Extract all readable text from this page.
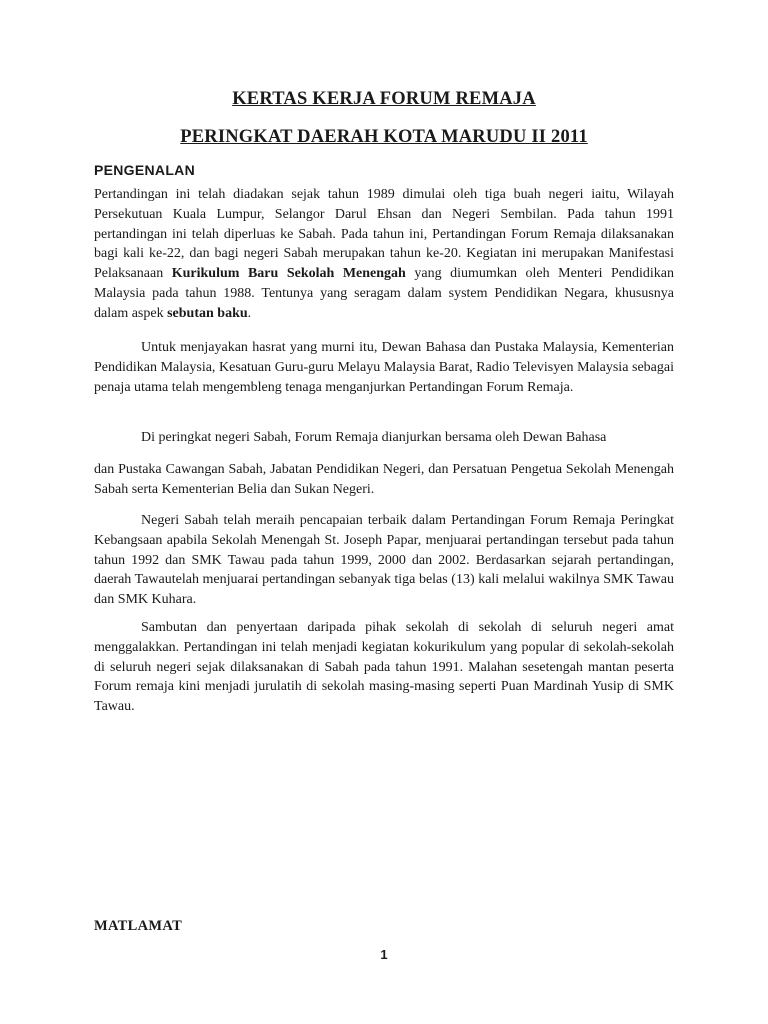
KERTAS KERJA FORUM REMAJA
PERINGKAT DAERAH KOTA MARUDU II 2011
PENGENALAN

Pertandingan ini telah diadakan sejak tahun 1989 dimulai oleh tiga buah negeri iaitu, Wilayah Persekutuan Kuala Lumpur, Selangor Darul Ehsan dan Negeri Sembilan. Pada tahun 1991 pertandingan ini telah diperluas ke Sabah. Pada tahun ini, Pertandingan Forum Remaja dilaksanakan bagi kali ke-22, dan bagi negeri Sabah merupakan tahun ke-20. Kegiatan ini merupakan Manifestasi Pelaksanaan Kurikulum Baru Sekolah Menengah yang diumumkan oleh Menteri Pendidikan Malaysia pada tahun 1988. Tentunya yang seragam dalam system Pendidikan Negara, khususnya dalam aspek sebutan baku.

Untuk menjayakan hasrat yang murni itu, Dewan Bahasa dan Pustaka Malaysia, Kementerian Pendidikan Malaysia, Kesatuan Guru-guru Melayu Malaysia Barat, Radio Televisyen Malaysia sebagai penaja utama telah mengembleng tenaga menganjurkan Pertandingan Forum Remaja.

Di peringkat negeri Sabah, Forum Remaja dianjurkan bersama oleh Dewan Bahasa

dan Pustaka Cawangan Sabah, Jabatan Pendidikan Negeri, dan Persatuan Pengetua Sekolah Menengah Sabah serta Kementerian Belia dan Sukan Negeri.

Negeri Sabah telah meraih pencapaian terbaik dalam Pertandingan Forum Remaja Peringkat Kebangsaan apabila Sekolah Menengah St. Joseph Papar, menjuarai pertandingan tersebut pada tahun tahun 1992 dan SMK Tawau pada tahun 1999, 2000 dan 2002. Berdasarkan sejarah pertandingan, daerah Tawautelah menjuarai pertandingan sebanyak tiga belas (13) kali melalui wakilnya SMK Tawau dan SMK Kuhara.

Sambutan dan penyertaan daripada pihak sekolah di sekolah di seluruh negeri amat menggalakkan. Pertandingan ini telah menjadi kegiatan kokurikulum yang popular di sekolah-sekolah di seluruh negeri sejak dilaksanakan di Sabah pada tahun 1991. Malahan sesetengah mantan peserta Forum remaja kini menjadi jurulatih di sekolah masing-masing seperti Puan Mardinah Yusip di SMK Tawau.

MATLAMAT

1
